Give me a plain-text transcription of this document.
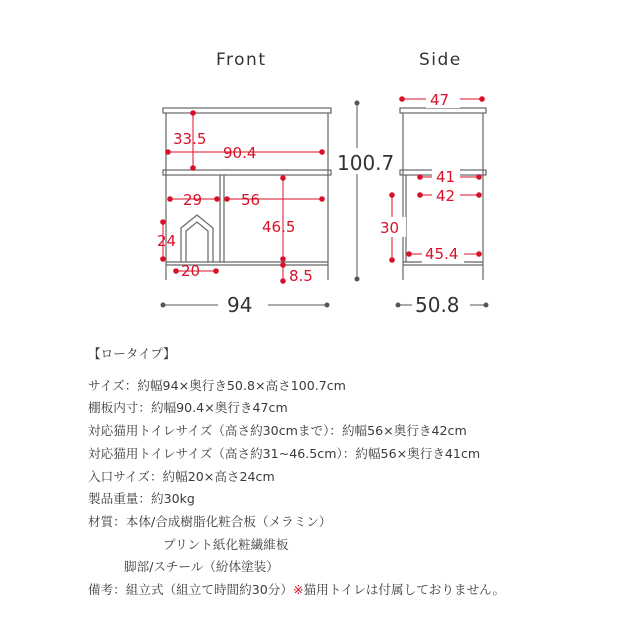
Front	Side
33.5
90.4
29	56
46.5
24
20	8.5
94
100.7
47
41
42
30
45.4
50.8
【ロータイプ】
サイズ：約幅94×奥行き50.8×高さ100.7cm
棚板内寸：約幅90.4×奥行き47cm
対応猫用トイレサイズ（高さ約30cmまで）：約幅56×奥行き42cm
対応猫用トイレサイズ（高さ約31~46.5cm）：約幅56×奥行き41cm
入口サイズ：約幅20×高さ24cm
製品重量：約30kg
材質：本体/合成樹脂化粧合板（メラミン）
プリント紙化粧繊維板
脚部/スチール（紛体塗装）
備考：組立式（組立て時間約30分）※猫用トイレは付属しておりません。
